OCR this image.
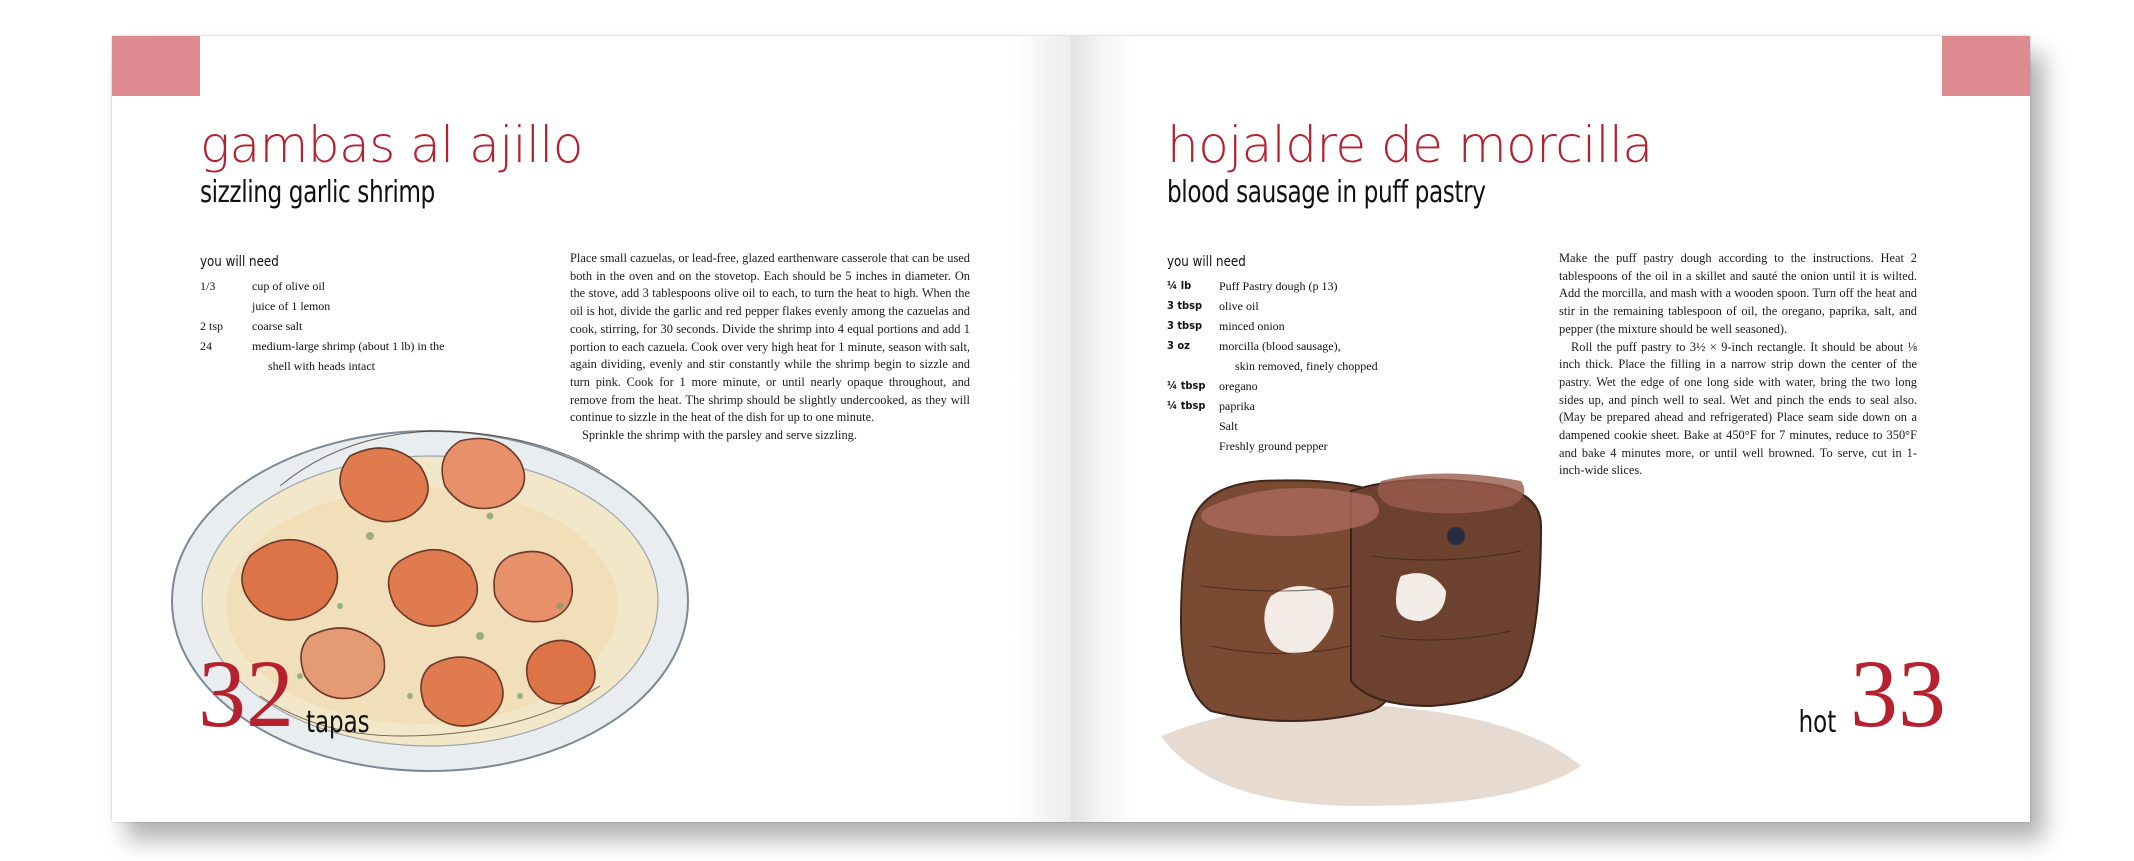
gambas al ajillo
sizzling garlic shrimp
you will need
1/3	cup of olive oil
juice of 1 lemon
2 tsp	coarse salt
24	medium-large shrimp (about 1 lb) in the
shell with heads intact

Place small cazuelas, or lead-free, glazed earthenware casserole that can be used both in the oven and on the stovetop. Each should be 5 inches in diameter. On the stove, add 3 tablespoons olive oil to each, to turn the heat to high. When the oil is hot, divide the garlic and red pepper flakes evenly among the cazuelas and cook, stirring, for 30 seconds. Divide the shrimp into 4 equal portions and add 1 portion to each cazuela. Cook over very high heat for 1 minute, season with salt, again dividing, evenly and stir constantly while the shrimp begin to sizzle and turn pink. Cook for 1 more minute, or until nearly opaque throughout, and remove from the heat. The shrimp should be slightly undercooked, as they will continue to sizzle in the heat of the dish for up to one minute.

Sprinkle the shrimp with the parsley and serve sizzling.

32 tapas
hojaldre de morcilla
blood sausage in puff pastry
you will need
¼ lb	Puff Pastry dough (p 13)
3 tbsp	olive oil
3 tbsp	minced onion
3 oz	morcilla (blood sausage),
skin removed, finely chopped
¼ tbsp	oregano
¼ tbsp	paprika
Salt
Freshly ground pepper

Make the puff pastry dough according to the instructions. Heat 2 tablespoons of the oil in a skillet and sauté the onion until it is wilted. Add the morcilla, and mash with a wooden spoon. Turn off the heat and stir in the remaining tablespoon of oil, the oregano, paprika, salt, and pepper (the mixture should be well seasoned).

Roll the puff pastry to 3½ × 9-inch rectangle. It should be about ⅛ inch thick. Place the filling in a narrow strip down the center of the pastry. Wet the edge of one long side with water, bring the two long sides up, and pinch well to seal. Wet and pinch the ends to seal also. (May be prepared ahead and refrigerated) Place seam side down on a dampened cookie sheet. Bake at 450°F for 7 minutes, reduce to 350°F and bake 4 minutes more, or until well browned. To serve, cut in 1-inch-wide slices.

hot 33
